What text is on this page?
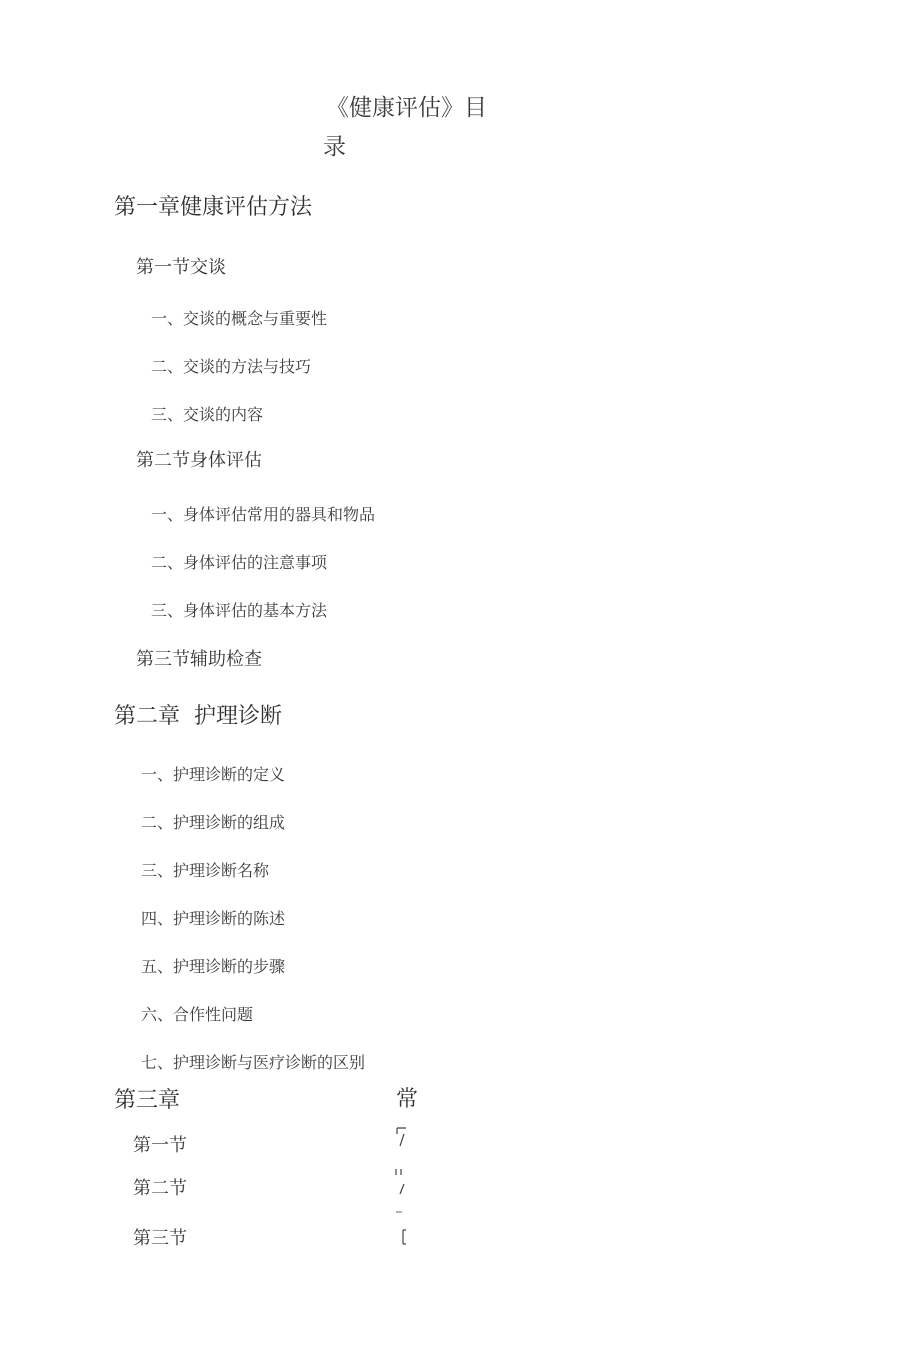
《健康评估》目
录
第一章健康评估方法
第一节交谈
一、交谈的概念与重要性
二、交谈的方法与技巧
三、交谈的内容
第二节身体评估
一、身体评估常用的器具和物品
二、身体评估的注意事项
三、身体评估的基本方法
第三节辅助检查
第二章  护理诊断
一、护理诊断的定义
二、护理诊断的组成
三、护理诊断名称
四、护理诊断的陈述
五、护理诊断的步骤
六、合作性问题
七、护理诊断与医疗诊断的区别
第三章	常
第一节
第二节
第三节
